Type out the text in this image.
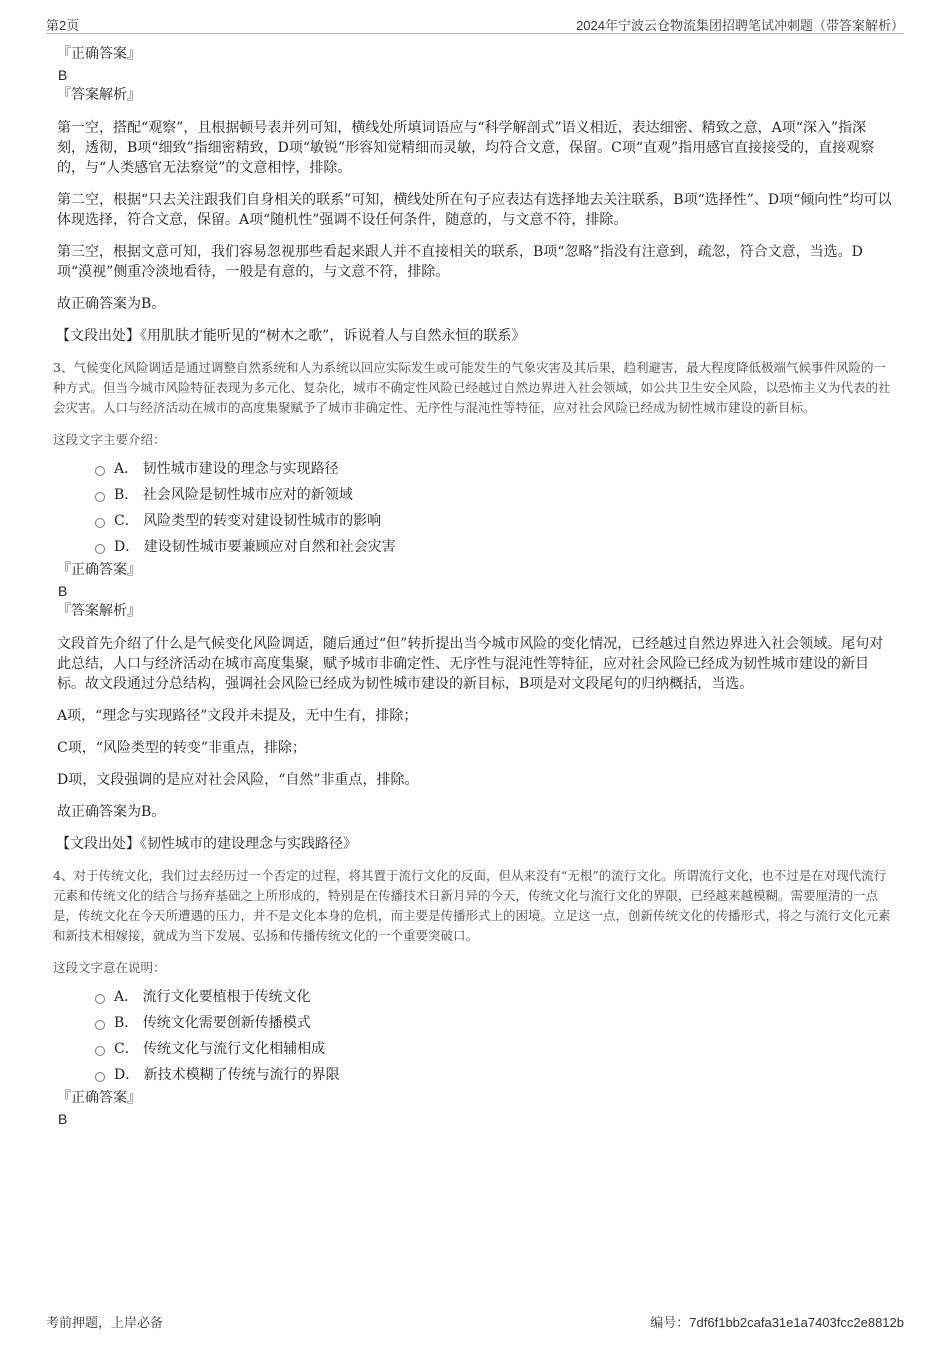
第2页	2024年宁波云仓物流集团招聘笔试冲刺题（带答案解析）

『正确答案』

B

『答案解析』

第一空，搭配“观察”，且根据顿号表并列可知，横线处所填词语应与“科学解剖式”语义相近，表达细密、精致之意，A项“深入”指深刻，透彻，B项“细致”指细密精致，D项“敏锐”形容知觉精细而灵敏，均符合文意，保留。C项“直观”指用感官直接接受的，直接观察的，与“人类感官无法察觉”的文意相悖，排除。

第二空，根据“只去关注跟我们自身相关的联系”可知，横线处所在句子应表达有选择地去关注联系，B项“选择性”、D项“倾向性”均可以体现选择，符合文意，保留。A项“随机性”强调不设任何条件，随意的，与文意不符，排除。

第三空，根据文意可知，我们容易忽视那些看起来跟人并不直接相关的联系，B项“忽略”指没有注意到，疏忽，符合文意，当选。D项“漠视”侧重冷淡地看待，一般是有意的，与文意不符，排除。

故正确答案为B。

【文段出处】《用肌肤才能听见的“树木之歌”，诉说着人与自然永恒的联系》

3、气候变化风险调适是通过调整自然系统和人为系统以回应实际发生或可能发生的气象灾害及其后果，趋利避害，最大程度降低极端气候事件风险的一种方式。但当今城市风险特征表现为多元化、复杂化，城市不确定性风险已经越过自然边界进入社会领域，如公共卫生安全风险，以恐怖主义为代表的社会灾害。人口与经济活动在城市的高度集聚赋予了城市非确定性、无序性与混沌性等特征，应对社会风险已经成为韧性城市建设的新目标。

这段文字主要介绍：

A． 韧性城市建设的理念与实现路径
B． 社会风险是韧性城市应对的新领域
C． 风险类型的转变对建设韧性城市的影响
D． 建设韧性城市要兼顾应对自然和社会灾害

『正确答案』

B

『答案解析』

文段首先介绍了什么是气候变化风险调适，随后通过“但”转折提出当今城市风险的变化情况，已经越过自然边界进入社会领域。尾句对此总结，人口与经济活动在城市高度集聚，赋予城市非确定性、无序性与混沌性等特征，应对社会风险已经成为韧性城市建设的新目标。故文段通过分总结构，强调社会风险已经成为韧性城市建设的新目标，B项是对文段尾句的归纳概括，当选。

A项，“理念与实现路径”文段并未提及，无中生有，排除；

C项，“风险类型的转变”非重点，排除；

D项，文段强调的是应对社会风险，“自然”非重点，排除。

故正确答案为B。

【文段出处】《韧性城市的建设理念与实践路径》

4、对于传统文化，我们过去经历过一个否定的过程，将其置于流行文化的反面，但从来没有“无根”的流行文化。所谓流行文化，也不过是在对现代流行元素和传统文化的结合与扬弃基础之上所形成的，特别是在传播技术日新月异的今天，传统文化与流行文化的界限，已经越来越模糊。需要厘清的一点是，传统文化在今天所遭遇的压力，并不是文化本身的危机，而主要是传播形式上的困境。立足这一点，创新传统文化的传播形式，将之与流行文化元素和新技术相嫁接，就成为当下发展、弘扬和传播传统文化的一个重要突破口。

这段文字意在说明：

A． 流行文化要植根于传统文化
B． 传统文化需要创新传播模式
C． 传统文化与流行文化相辅相成
D． 新技术模糊了传统与流行的界限

『正确答案』

B

考前押题，上岸必备	编号：7df6f1bb2cafa31e1a7403fcc2e8812b
